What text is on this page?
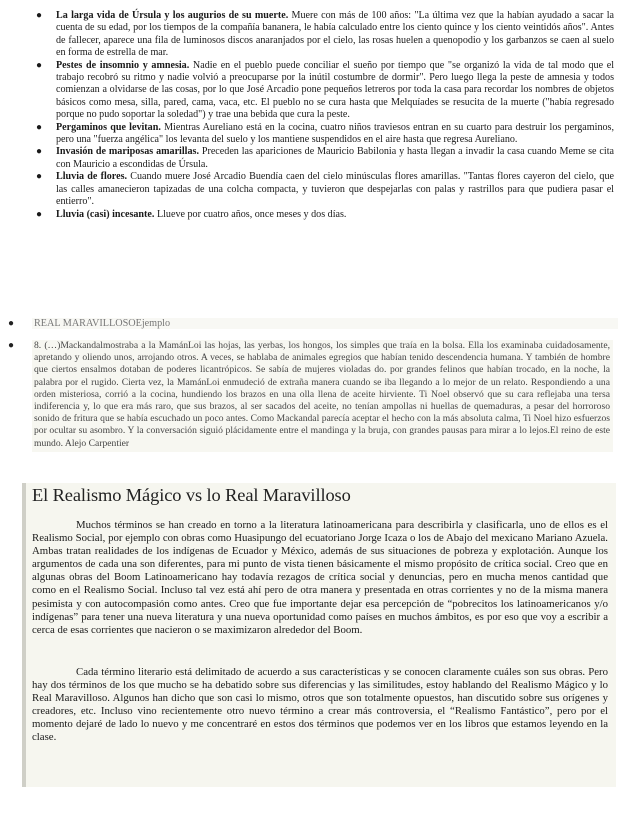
● La larga vida de Úrsula y los augurios de su muerte. Muere con más de 100 años: "La última vez que la habían ayudado a sacar la cuenta de su edad, por los tiempos de la compañía bananera, le había calculado entre los ciento quince y los ciento veintidós años". Antes de fallecer, aparece una fila de luminosos discos anaranjados por el cielo, las rosas huelen a quenopodio y los garbanzos se caen al suelo en forma de estrella de mar.
● Pestes de insomnio y amnesia. Nadie en el pueblo puede conciliar el sueño por tiempo que "se organizó la vida de tal modo que el trabajo recobró su ritmo y nadie volvió a preocuparse por la inútil costumbre de dormir". Pero luego llega la peste de amnesia y todos comienzan a olvidarse de las cosas, por lo que José Arcadio pone pequeños letreros por toda la casa para recordar los nombres de objetos básicos como mesa, silla, pared, cama, vaca, etc. El pueblo no se cura hasta que Melquíades se resucita de la muerte ("había regresado porque no pudo soportar la soledad") y trae una bebida que cura la peste.
● Pergaminos que levitan. Mientras Aureliano está en la cocina, cuatro niños traviesos entran en su cuarto para destruir los pergaminos, pero una "fuerza angélica" los levanta del suelo y los mantiene suspendidos en el aire hasta que regresa Aureliano.
● Invasión de mariposas amarillas. Preceden las apariciones de Mauricio Babilonia y hasta llegan a invadir la casa cuando Meme se cita con Mauricio a escondidas de Úrsula.
● Lluvia de flores. Cuando muere José Arcadio Buendía caen del cielo minúsculas flores amarillas. "Tantas flores cayeron del cielo, que las calles amanecieron tapizadas de una colcha compacta, y tuvieron que despejarlas con palas y rastrillos para que pudiera pasar el entierro".
● Lluvia (casi) incesante. Llueve por cuatro años, once meses y dos días.
● REAL MARAVILLOSOEjemplo
● 8. (…)Mackandalmostraba a la MamánLoi las hojas, las yerbas, los hongos, los simples que traía en la bolsa. Ella los examinaba cuidadosamente, apretando y oliendo unos, arrojando otros. A veces, se hablaba de animales egregios que habían tenido descendencia humana. Y también de hombre que ciertos ensalmos dotaban de poderes licantrópicos. Se sabía de mujeres violadas do. por grandes felinos que habían trocado, en la noche, la palabra por el rugido. Cierta vez, la MamánLoi enmudeció de extraña manera cuando se iba llegando a lo mejor de un relato. Respondiendo a una orden misteriosa, corrió a la cocina, hundiendo los brazos en una olla llena de aceite hirviente. Ti Noel observó que su cara reflejaba una tersa indiferencia y, lo que era más raro, que sus brazos, al ser sacados del aceite, no tenían ampollas ni huellas de quemaduras, a pesar del horroroso sonido de fritura que se había escuchado un poco antes. Como Mackandal parecía aceptar el hecho con la más absoluta calma, Ti Noel hizo esfuerzos por ocultar su asombro. Y la conversación siguió plácidamente entre el mandinga y la bruja, con grandes pausas para mirar a lo lejos.El reino de este mundo. Alejo Carpentier
El Realismo Mágico vs lo Real Maravilloso

Muchos términos se han creado en torno a la literatura latinoamericana para describirla y clasificarla, uno de ellos es el Realismo Social, por ejemplo con obras como Huasipungo del ecuatoriano Jorge Icaza o los de Abajo del mexicano Mariano Azuela. Ambas tratan realidades de los indígenas de Ecuador y México, además de sus situaciones de pobreza y explotación. Aunque los argumentos de cada una son diferentes, para mi punto de vista tienen básicamente el mismo propósito de crítica social. Creo que en algunas obras del Boom Latinoamericano hay todavía rezagos de crítica social y denuncias, pero en mucha menos cantidad que como en el Realismo Social. Incluso tal vez está ahí pero de otra manera y presentada en otras corrientes y no de la misma manera pesimista y con autocompasión como antes. Creo que fue importante dejar esa percepción de “pobrecitos los latinoamericanos y/o indígenas” para tener una nueva literatura y una nueva oportunidad como países en muchos ámbitos, es por eso que voy a escribir a cerca de esas corrientes que nacieron o se maximizaron alrededor del Boom.

Cada término literario está delimitado de acuerdo a sus características y se conocen claramente cuáles son sus obras. Pero hay dos términos de los que mucho se ha debatido sobre sus diferencias y las similitudes, estoy hablando del Realismo Mágico y lo Real Maravilloso. Algunos han dicho que son casi lo mismo, otros que son totalmente opuestos, han discutido sobre sus orígenes y creadores, etc. Incluso vino recientemente otro nuevo término a crear más controversia, el “Realismo Fantástico”, pero por el momento dejaré de lado lo nuevo y me concentraré en estos dos términos que podemos ver en los libros que estamos leyendo en la clase.
